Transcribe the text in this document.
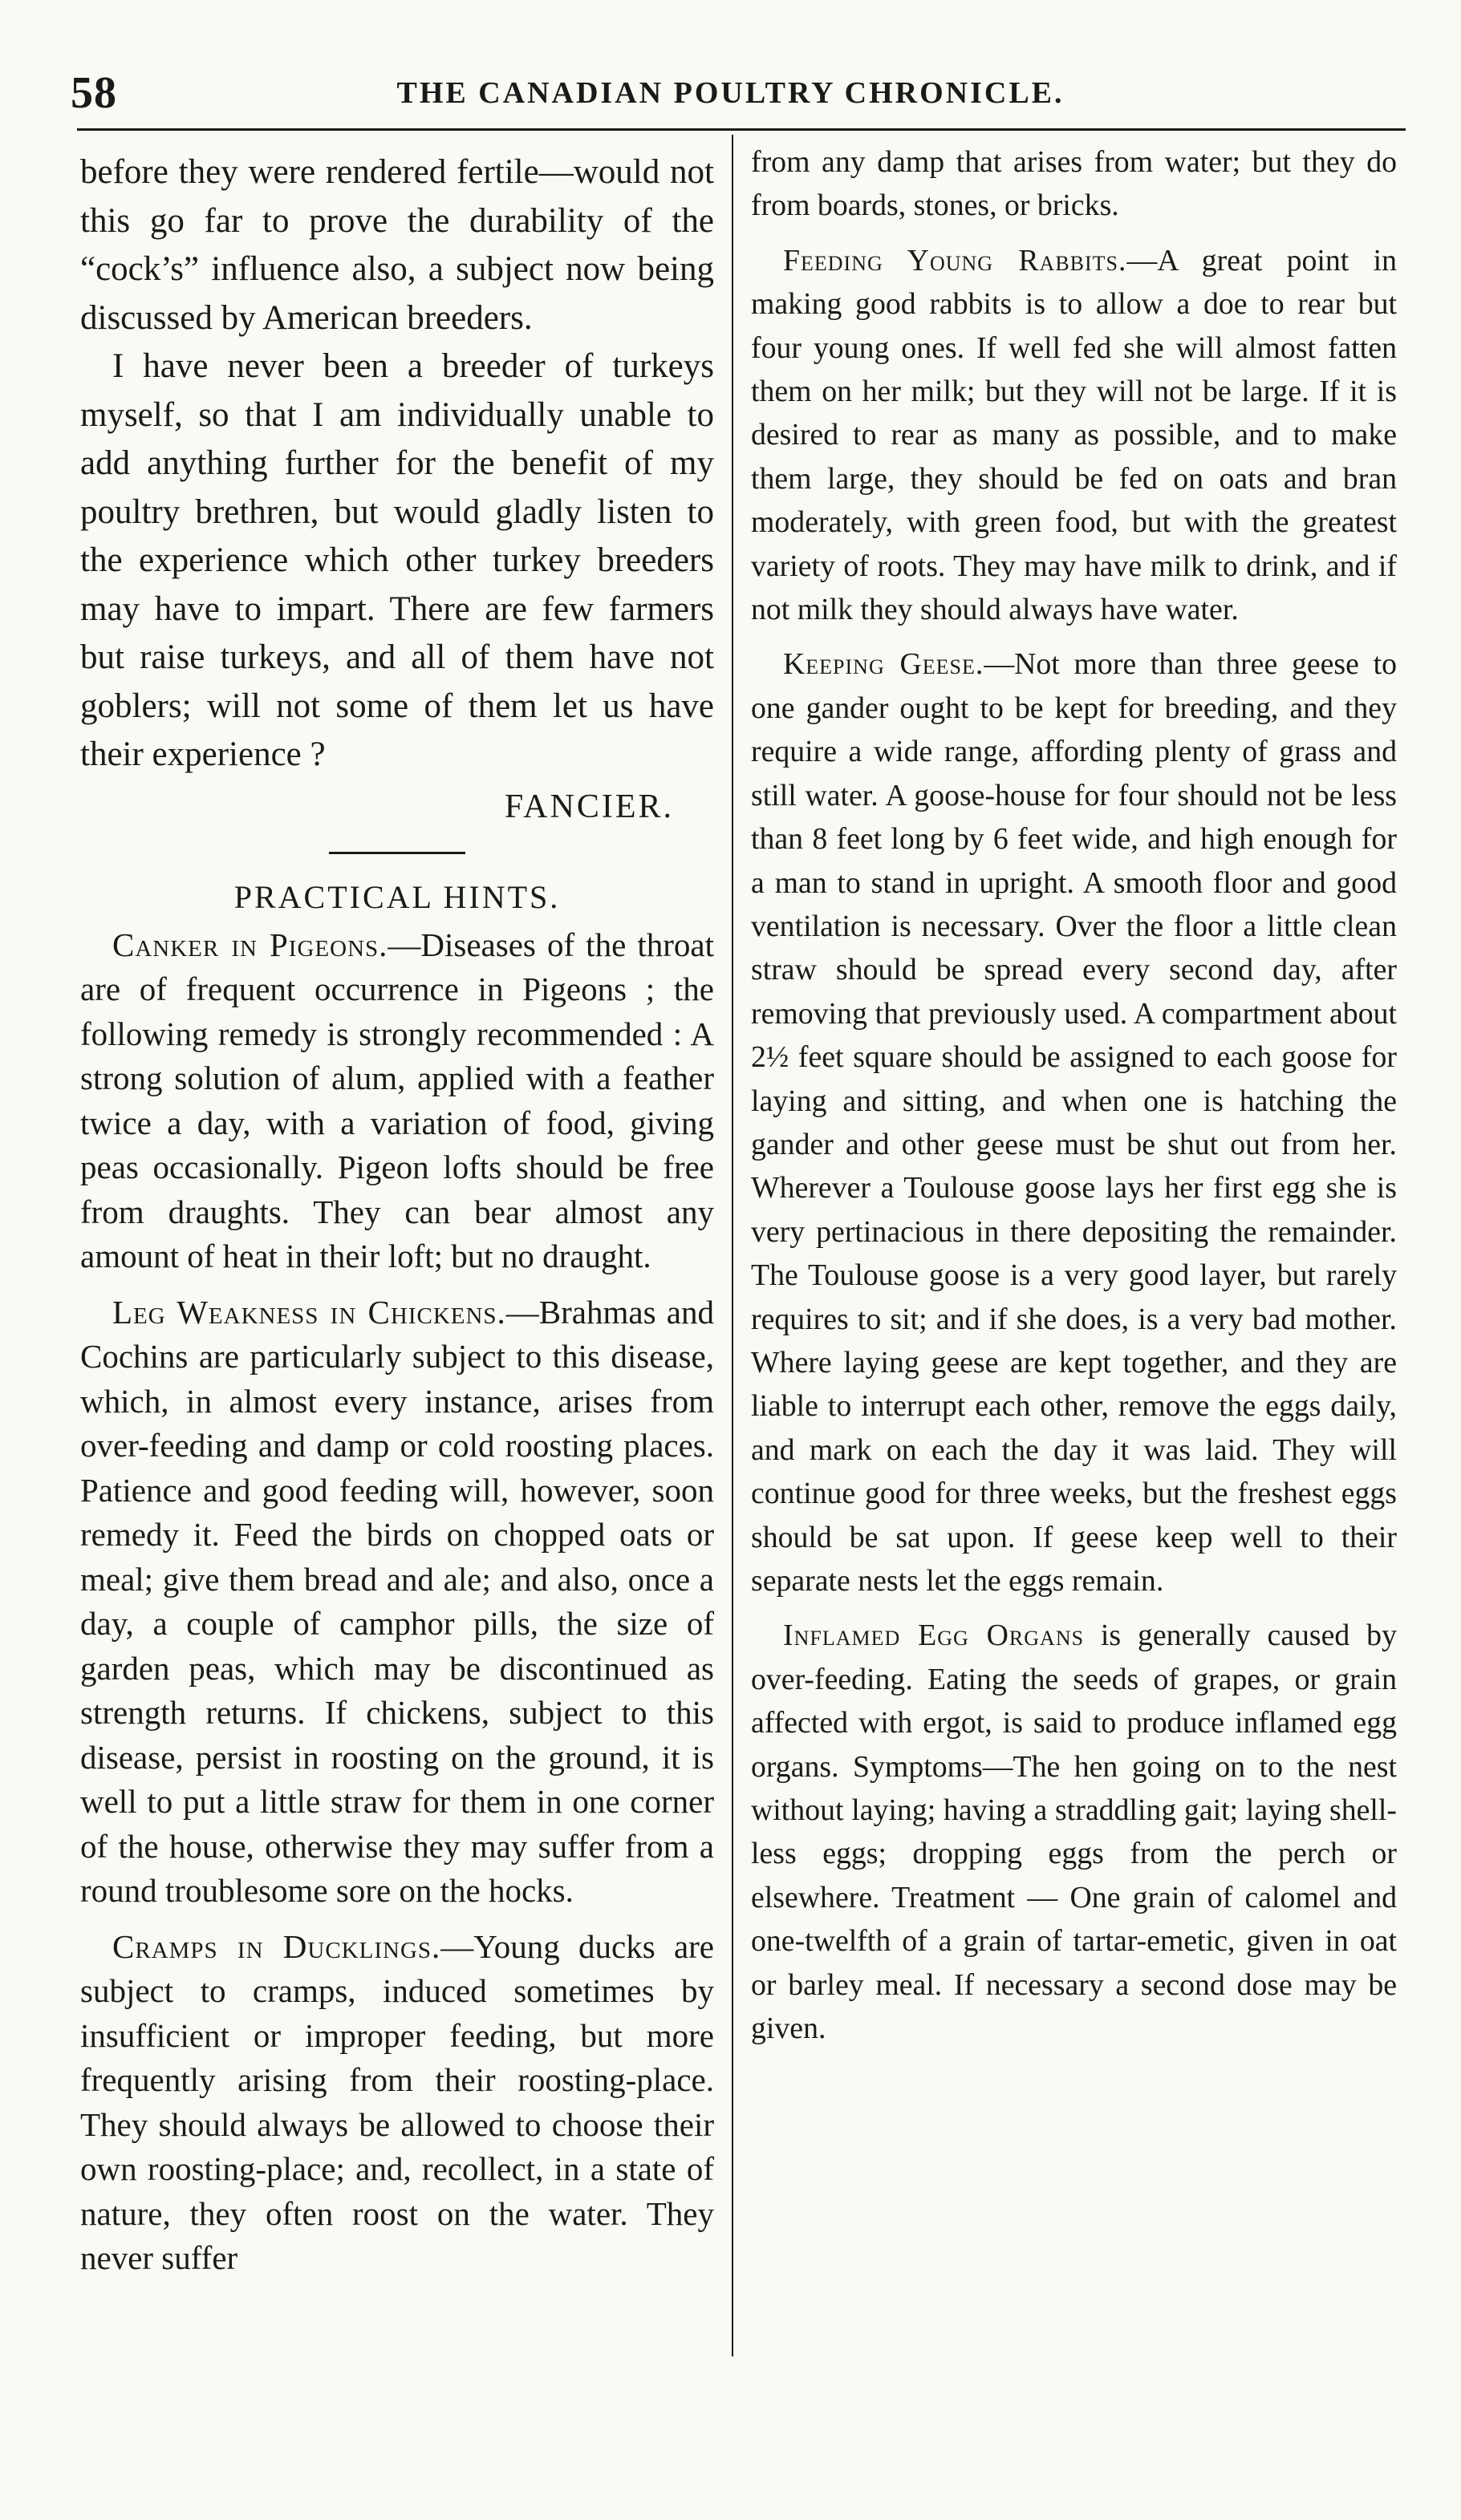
58	THE CANADIAN POULTRY CHRONICLE.

before they were rendered fertile—would not this go far to prove the durability of the “cock’s” influence also, a subject now being discussed by American breeders.

I have never been a breeder of turkeys myself, so that I am individually unable to add anything further for the benefit of my poultry brethren, but would gladly listen to the experience which other turkey breeders may have to impart. There are few farmers but raise turkeys, and all of them have not goblers; will not some of them let us have their experience ?

FANCIER.
PRACTICAL HINTS.

Canker in Pigeons.—Diseases of the throat are of frequent occurrence in Pigeons ; the following remedy is strongly recommended : A strong solution of alum, applied with a feather twice a day, with a variation of food, giving peas occasionally. Pigeon lofts should be free from draughts. They can bear almost any amount of heat in their loft; but no draught.

Leg Weakness in Chickens.—Brahmas and Cochins are particularly subject to this disease, which, in almost every instance, arises from over-feeding and damp or cold roosting places. Patience and good feeding will, however, soon remedy it. Feed the birds on chopped oats or meal; give them bread and ale; and also, once a day, a couple of camphor pills, the size of garden peas, which may be discontinued as strength returns. If chickens, subject to this disease, persist in roosting on the ground, it is well to put a little straw for them in one corner of the house, otherwise they may suffer from a round troublesome sore on the hocks.

Cramps in Ducklings.—Young ducks are subject to cramps, induced sometimes by insufficient or improper feeding, but more frequently arising from their roosting-place. They should always be allowed to choose their own roosting-place; and, recollect, in a state of nature, they often roost on the water. They never suffer

from any damp that arises from water; but they do from boards, stones, or bricks.

Feeding Young Rabbits.—A great point in making good rabbits is to allow a doe to rear but four young ones. If well fed she will almost fatten them on her milk; but they will not be large. If it is desired to rear as many as possible, and to make them large, they should be fed on oats and bran moderately, with green food, but with the greatest variety of roots. They may have milk to drink, and if not milk they should always have water.

Keeping Geese.—Not more than three geese to one gander ought to be kept for breeding, and they require a wide range, affording plenty of grass and still water. A goose-house for four should not be less than 8 feet long by 6 feet wide, and high enough for a man to stand in upright. A smooth floor and good ventilation is necessary. Over the floor a little clean straw should be spread every second day, after removing that previously used. A compartment about 2½ feet square should be assigned to each goose for laying and sitting, and when one is hatching the gander and other geese must be shut out from her. Wherever a Toulouse goose lays her first egg she is very pertinacious in there depositing the remainder. The Toulouse goose is a very good layer, but rarely requires to sit; and if she does, is a very bad mother. Where laying geese are kept together, and they are liable to interrupt each other, remove the eggs daily, and mark on each the day it was laid. They will continue good for three weeks, but the freshest eggs should be sat upon. If geese keep well to their separate nests let the eggs remain.

Inflamed Egg Organs is generally caused by over-feeding. Eating the seeds of grapes, or grain affected with ergot, is said to produce inflamed egg organs. Symptoms—The hen going on to the nest without laying; having a straddling gait; laying shell-less eggs; dropping eggs from the perch or elsewhere. Treatment — One grain of calomel and one-twelfth of a grain of tartar-emetic, given in oat or barley meal. If necessary a second dose may be given.
